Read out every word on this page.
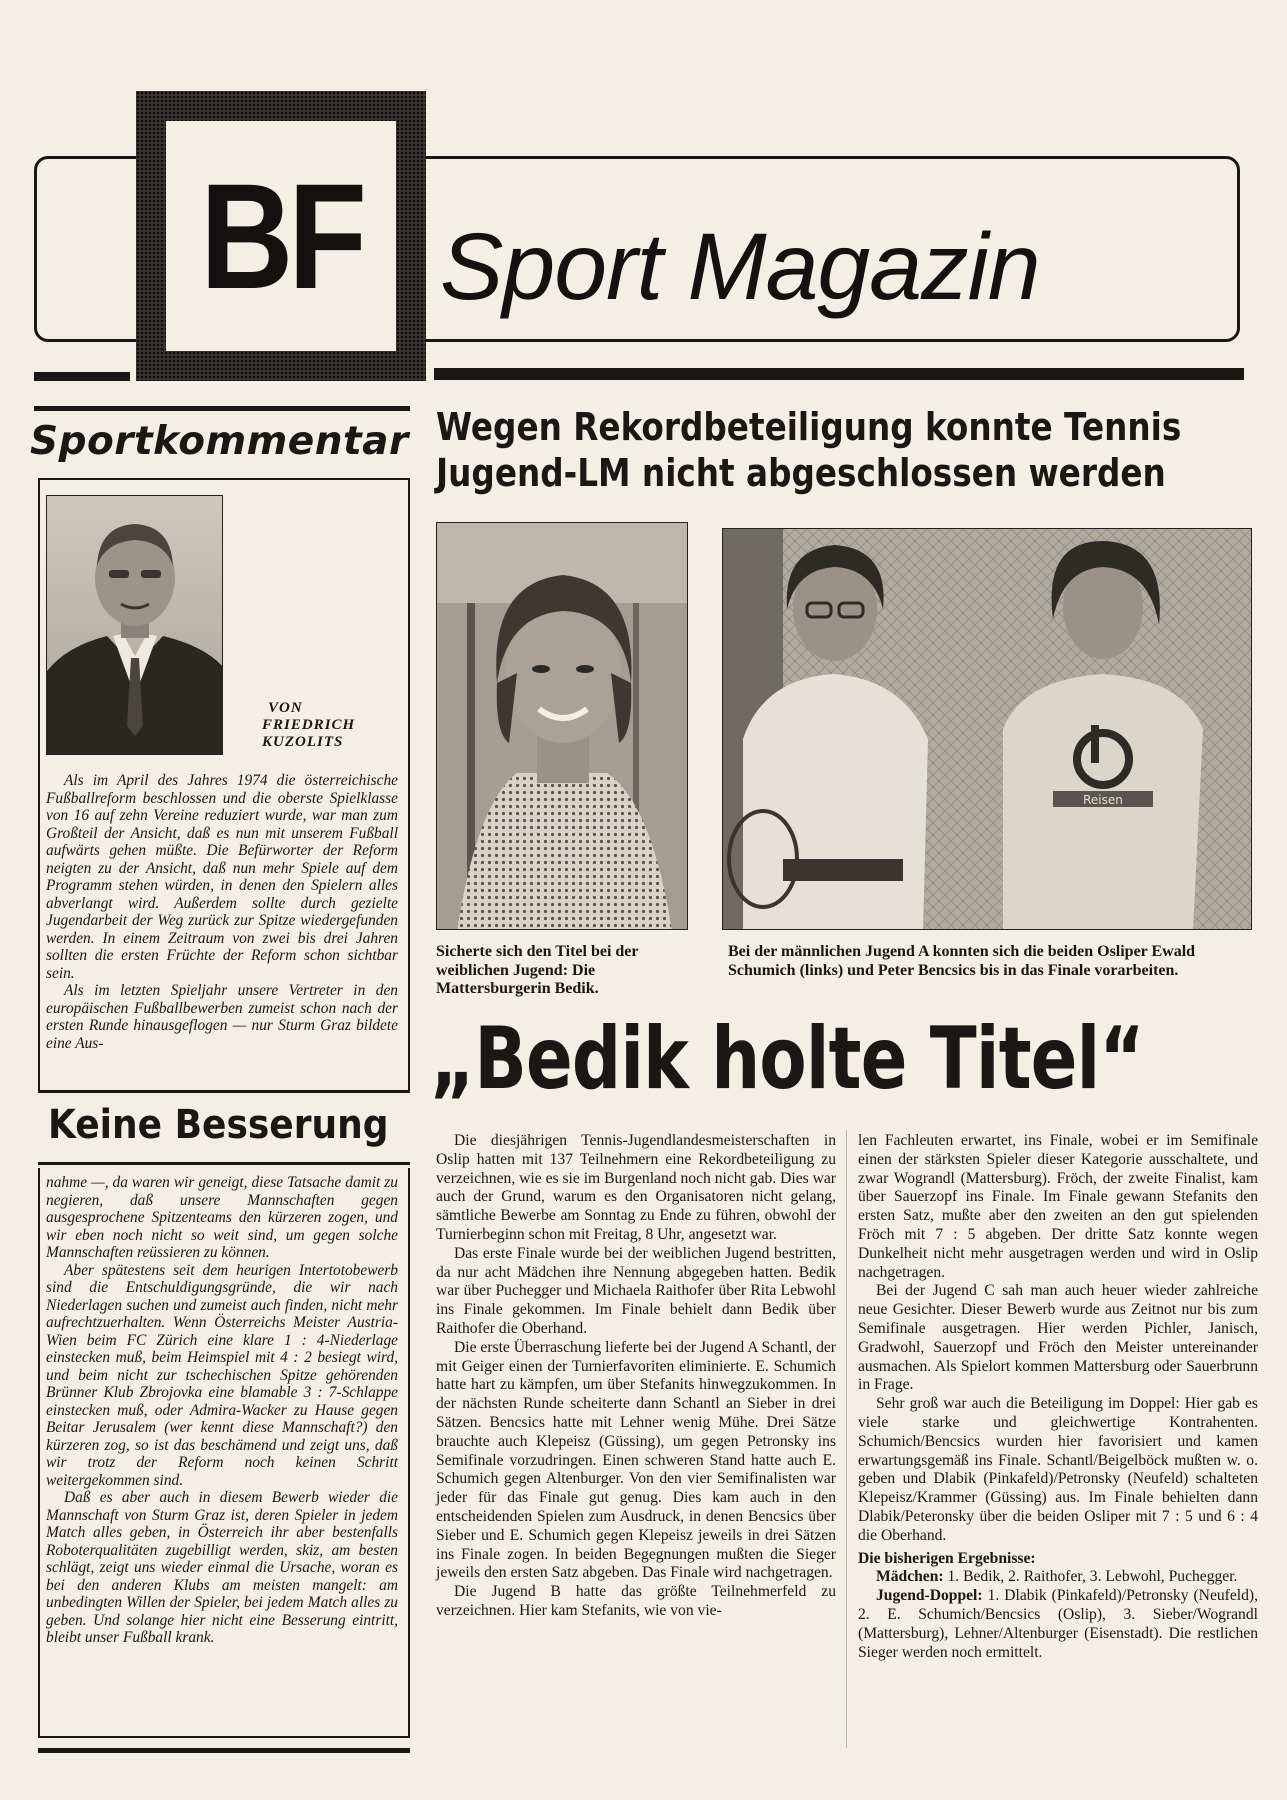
BF Sport Magazin
Sportkommentar
VON
FRIEDRICH
KUZOLITS

Als im April des Jahres 1974 die österreichische Fußballreform beschlossen und die oberste Spielklasse von 16 auf zehn Vereine reduziert wurde, war man zum Großteil der Ansicht, daß es nun mit unserem Fußball aufwärts gehen müßte. Die Befürworter der Reform neigten zu der Ansicht, daß nun mehr Spiele auf dem Programm stehen würden, in denen den Spielern alles abverlangt wird. Außerdem sollte durch gezielte Jugendarbeit der Weg zurück zur Spitze wiedergefunden werden. In einem Zeitraum von zwei bis drei Jahren sollten die ersten Früchte der Reform schon sichtbar sein.

Als im letzten Spieljahr unsere Vertreter in den europäischen Fußballbewerben zumeist schon nach der ersten Runde hinausgeflogen — nur Sturm Graz bildete eine Aus-

Keine Besserung

nahme —, da waren wir geneigt, diese Tatsache damit zu negieren, daß unsere Mannschaften gegen ausgesprochene Spitzenteams den kürzeren zogen, und wir eben noch nicht so weit sind, um gegen solche Mannschaften reüssieren zu können.

Aber spätestens seit dem heurigen Intertotobewerb sind die Entschuldigungsgründe, die wir nach Niederlagen suchen und zumeist auch finden, nicht mehr aufrechtzuerhalten. Wenn Österreichs Meister Austria-Wien beim FC Zürich eine klare 1 : 4-Niederlage einstecken muß, beim Heimspiel mit 4 : 2 besiegt wird, und beim nicht zur tschechischen Spitze gehörenden Brünner Klub Zbrojovka eine blamable 3 : 7-Schlappe einstecken muß, oder Admira-Wacker zu Hause gegen Beitar Jerusalem (wer kennt diese Mannschaft?) den kürzeren zog, so ist das beschämend und zeigt uns, daß wir trotz der Reform noch keinen Schritt weitergekommen sind.

Daß es aber auch in diesem Bewerb wieder die Mannschaft von Sturm Graz ist, deren Spieler in jedem Match alles geben, in Österreich ihr aber bestenfalls Roboterqualitäten zugebilligt werden, skiz, am besten schlägt, zeigt uns wieder einmal die Ursache, woran es bei den anderen Klubs am meisten mangelt: am unbedingten Willen der Spieler, bei jedem Match alles zu geben. Und solange hier nicht eine Besserung eintritt, bleibt unser Fußball krank.

Wegen Rekordbeteiligung konnte Tennis
Jugend-LM nicht abgeschlossen werden
Reisen
Sicherte sich den Titel bei der weiblichen Jugend: Die Mattersburgerin Bedik.
Bei der männlichen Jugend A konnten sich die beiden Osliper Ewald Schumich (links) und Peter Bencsics bis in das Finale vorarbeiten.
„Bedik holte Titel“

Die diesjährigen Tennis-Jugendlandesmeisterschaften in Oslip hatten mit 137 Teilnehmern eine Rekordbeteiligung zu verzeichnen, wie es sie im Burgenland noch nicht gab. Dies war auch der Grund, warum es den Organisatoren nicht gelang, sämtliche Bewerbe am Sonntag zu Ende zu führen, obwohl der Turnierbeginn schon mit Freitag, 8 Uhr, angesetzt war.

Das erste Finale wurde bei der weiblichen Jugend bestritten, da nur acht Mädchen ihre Nennung abgegeben hatten. Bedik war über Puchegger und Michaela Raithofer über Rita Lebwohl ins Finale gekommen. Im Finale behielt dann Bedik über Raithofer die Oberhand.

Die erste Überraschung lieferte bei der Jugend A Schantl, der mit Geiger einen der Turnierfavoriten eliminierte. E. Schumich hatte hart zu kämpfen, um über Stefanits hinwegzukommen. In der nächsten Runde scheiterte dann Schantl an Sieber in drei Sätzen. Bencsics hatte mit Lehner wenig Mühe. Drei Sätze brauchte auch Klepeisz (Güssing), um gegen Petronsky ins Semifinale vorzudringen. Einen schweren Stand hatte auch E. Schumich gegen Altenburger. Von den vier Semifinalisten war jeder für das Finale gut genug. Dies kam auch in den entscheidenden Spielen zum Ausdruck, in denen Bencsics über Sieber und E. Schumich gegen Klepeisz jeweils in drei Sätzen ins Finale zogen. In beiden Begegnungen mußten die Sieger jeweils den ersten Satz abgeben. Das Finale wird nachgetragen.

Die Jugend B hatte das größte Teilnehmerfeld zu verzeichnen. Hier kam Stefanits, wie von vie-

len Fachleuten erwartet, ins Finale, wobei er im Semifinale einen der stärksten Spieler dieser Kategorie ausschaltete, und zwar Wograndl (Mattersburg). Fröch, der zweite Finalist, kam über Sauerzopf ins Finale. Im Finale gewann Stefanits den ersten Satz, mußte aber den zweiten an den gut spielenden Fröch mit 7 : 5 abgeben. Der dritte Satz konnte wegen Dunkelheit nicht mehr ausgetragen werden und wird in Oslip nachgetragen.

Bei der Jugend C sah man auch heuer wieder zahlreiche neue Gesichter. Dieser Bewerb wurde aus Zeitnot nur bis zum Semifinale ausgetragen. Hier werden Pichler, Janisch, Gradwohl, Sauerzopf und Fröch den Meister untereinander ausmachen. Als Spielort kommen Mattersburg oder Sauerbrunn in Frage.

Sehr groß war auch die Beteiligung im Doppel: Hier gab es viele starke und gleichwertige Kontrahenten. Schumich/Bencsics wurden hier favorisiert und kamen erwartungsgemäß ins Finale. Schantl/Beigelböck mußten w. o. geben und Dlabik (Pinkafeld)/Petronsky (Neufeld) schalteten Klepeisz/Krammer (Güssing) aus. Im Finale behielten dann Dlabik/Peteronsky über die beiden Osliper mit 7 : 5 und 6 : 4 die Oberhand.

Die bisherigen Ergebnisse:

Mädchen: 1. Bedik, 2. Raithofer, 3. Lebwohl, Puchegger.

Jugend-Doppel: 1. Dlabik (Pinkafeld)/Petronsky (Neufeld), 2. E. Schumich/Bencsics (Oslip), 3. Sieber/Wograndl (Mattersburg), Lehner/Altenburger (Eisenstadt). Die restlichen Sieger werden noch ermittelt.
